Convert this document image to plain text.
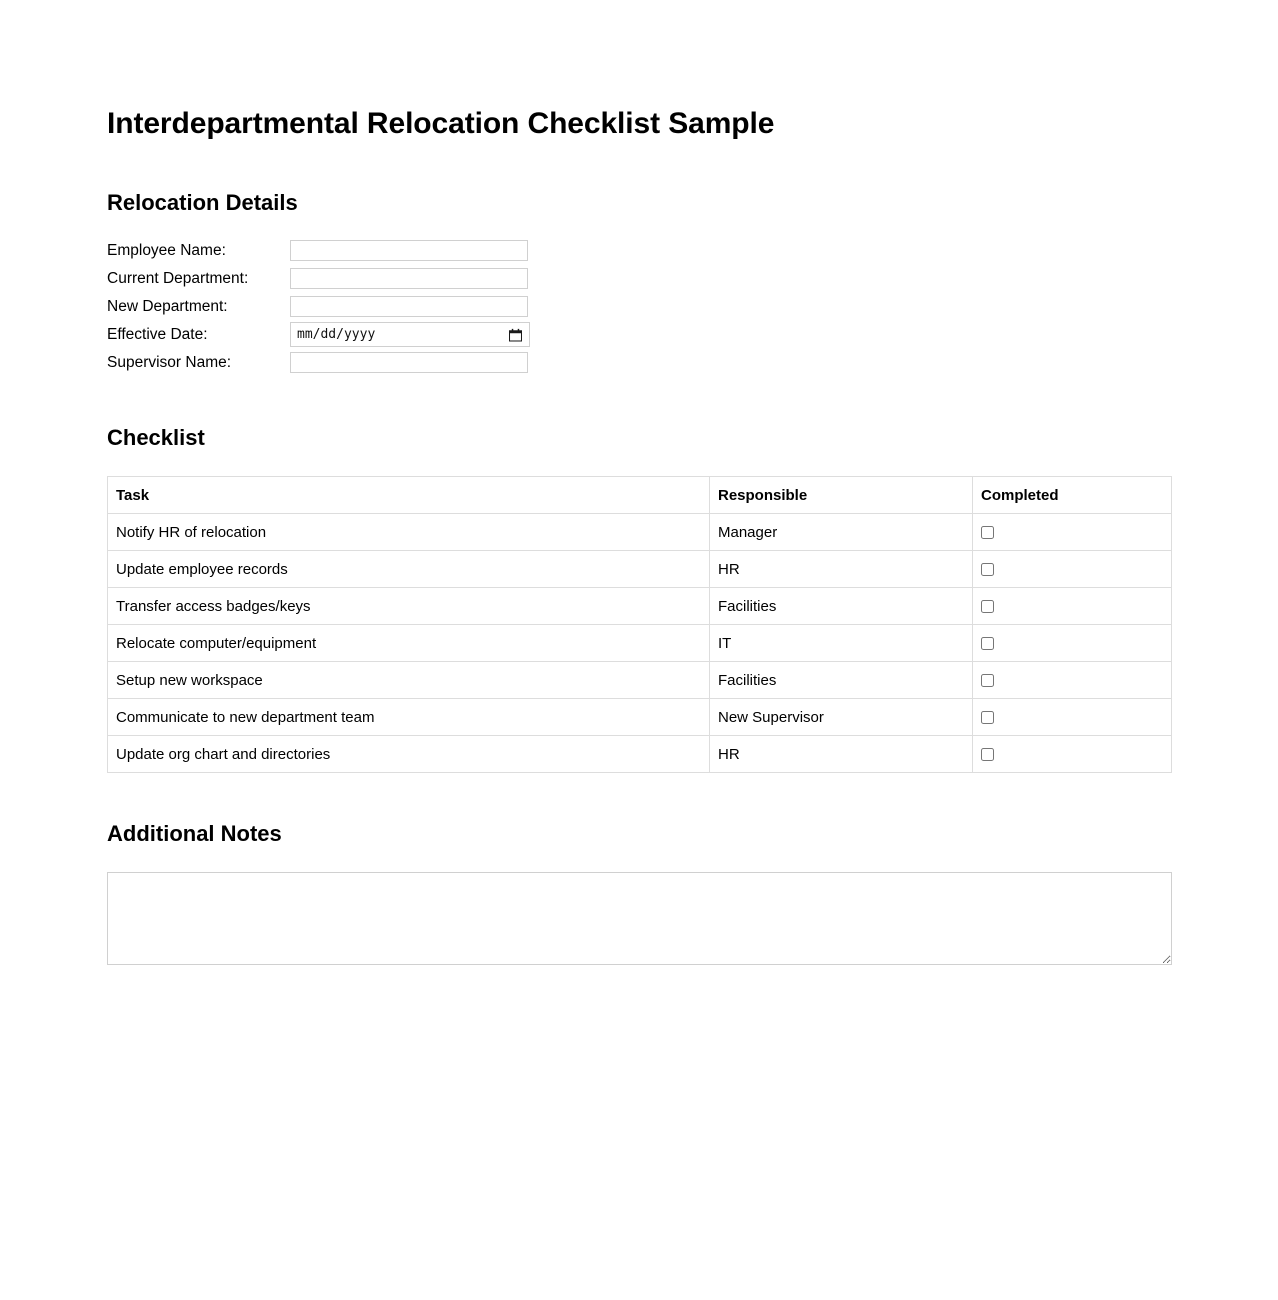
Interdepartmental Relocation Checklist Sample
Relocation Details
Employee Name:
Current Department:
New Department:
Effective Date:	mm/dd/yyyy
Supervisor Name:
Checklist
Task	Responsible	Completed
Notify HR of relocation	Manager	
Update employee records	HR	
Transfer access badges/keys	Facilities	
Relocate computer/equipment	IT	
Setup new workspace	Facilities	
Communicate to new department team	New Supervisor	
Update org chart and directories	HR	
Additional Notes
